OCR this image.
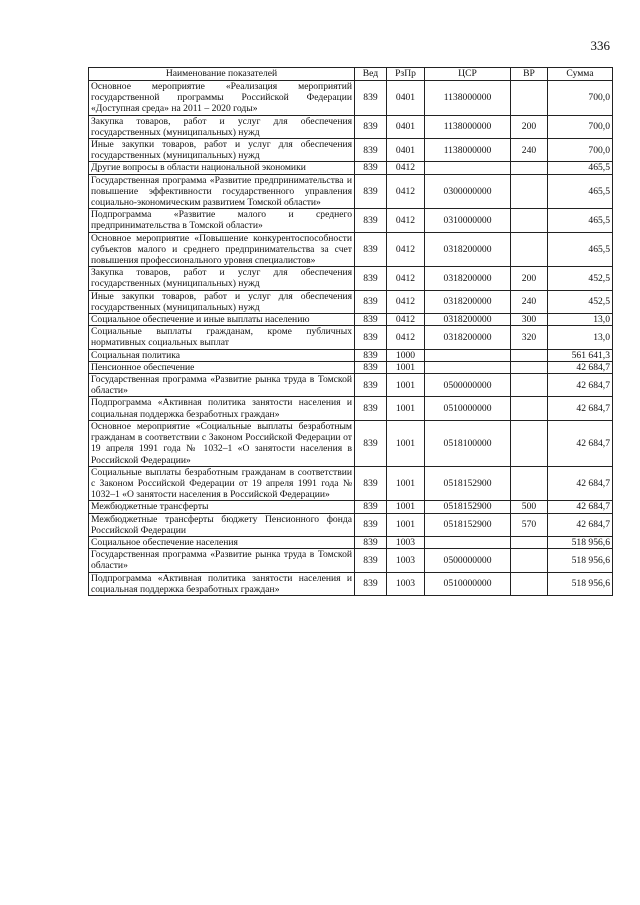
336
Наименование показателей	Вед	РзПр	ЦСР	ВР	Сумма
Основное мероприятие «Реализация мероприятий государственной программы Российской Федерации «Доступная среда» на 2011 – 2020 годы»	839	0401	1138000000		700,0
Закупка товаров, работ и услуг для обеспечения государственных (муниципальных) нужд	839	0401	1138000000	200	700,0
Иные закупки товаров, работ и услуг для обеспечения государственных (муниципальных) нужд	839	0401	1138000000	240	700,0
Другие вопросы в области национальной экономики	839	0412			465,5
Государственная программа «Развитие предпринимательства и повышение эффективности государственного управления социально-экономическим развитием Томской области»	839	0412	0300000000		465,5
Подпрограмма «Развитие малого и среднего предпринимательства в Томской области»	839	0412	0310000000		465,5
Основное мероприятие «Повышение конкурентоспособности субъектов малого и среднего предпринимательства за счет повышения профессионального уровня специалистов»	839	0412	0318200000		465,5
Закупка товаров, работ и услуг для обеспечения государственных (муниципальных) нужд	839	0412	0318200000	200	452,5
Иные закупки товаров, работ и услуг для обеспечения государственных (муниципальных) нужд	839	0412	0318200000	240	452,5
Социальное обеспечение и иные выплаты населению	839	0412	0318200000	300	13,0
Социальные выплаты гражданам, кроме публичных нормативных социальных выплат	839	0412	0318200000	320	13,0
Социальная политика	839	1000			561 641,3
Пенсионное обеспечение	839	1001			42 684,7
Государственная программа «Развитие рынка труда в Томской области»	839	1001	0500000000		42 684,7
Подпрограмма «Активная политика занятости населения и социальная поддержка безработных граждан»	839	1001	0510000000		42 684,7
Основное мероприятие «Социальные выплаты безработным гражданам в соответствии с Законом Российской Федерации от 19 апреля 1991 года № 1032–1 «О занятости населения в Российской Федерации»	839	1001	0518100000		42 684,7
Социальные выплаты безработным гражданам в соответствии с Законом Российской Федерации от 19 апреля 1991 года № 1032–1 «О занятости населения в Российской Федерации»	839	1001	0518152900		42 684,7
Межбюджетные трансферты	839	1001	0518152900	500	42 684,7
Межбюджетные трансферты бюджету Пенсионного фонда Российской Федерации	839	1001	0518152900	570	42 684,7
Социальное обеспечение населения	839	1003			518 956,6
Государственная программа «Развитие рынка труда в Томской области»	839	1003	0500000000		518 956,6
Подпрограмма «Активная политика занятости населения и социальная поддержка безработных граждан»	839	1003	0510000000		518 956,6
